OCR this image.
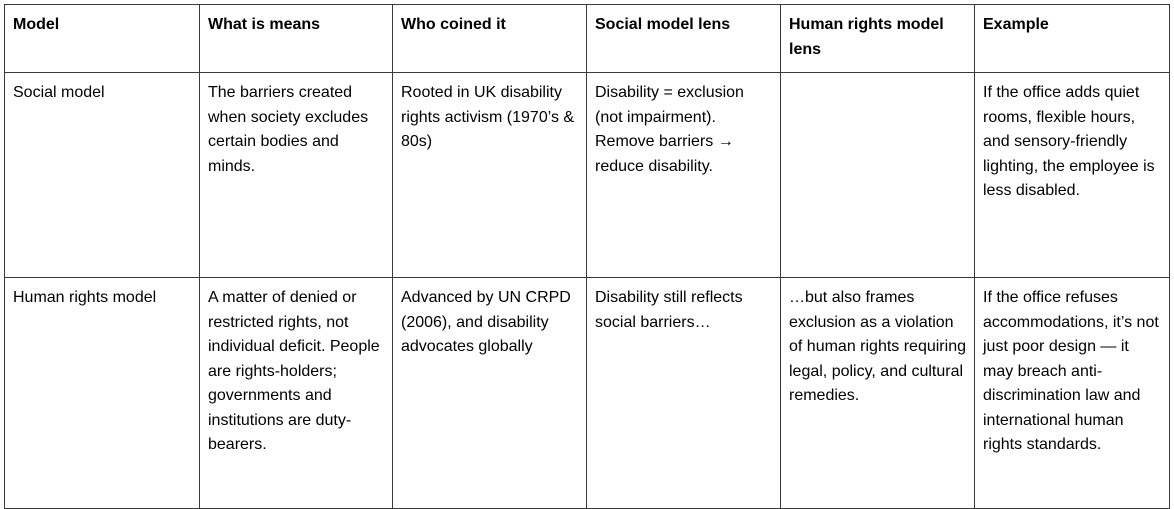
Model	What is means	Who coined it	Social model lens	Human rights model lens	Example
Social model	The barriers created when society excludes certain bodies and minds.	Rooted in UK disability rights activism (1970’s & 80s)	Disability = exclusion (not impairment). Remove barriers → reduce disability.		If the office adds quiet rooms, flexible hours, and sensory-friendly lighting, the employee is less disabled.
Human rights model	A matter of denied or restricted rights, not individual deficit. People are rights-holders; governments and institutions are duty-bearers.	Advanced by UN CRPD (2006), and disability advocates globally	Disability still reflects social barriers…	…but also frames exclusion as a violation of human rights requiring legal, policy, and cultural remedies.	If the office refuses accommodations, it’s not just poor design — it may breach anti-discrimination law and international human rights standards.
